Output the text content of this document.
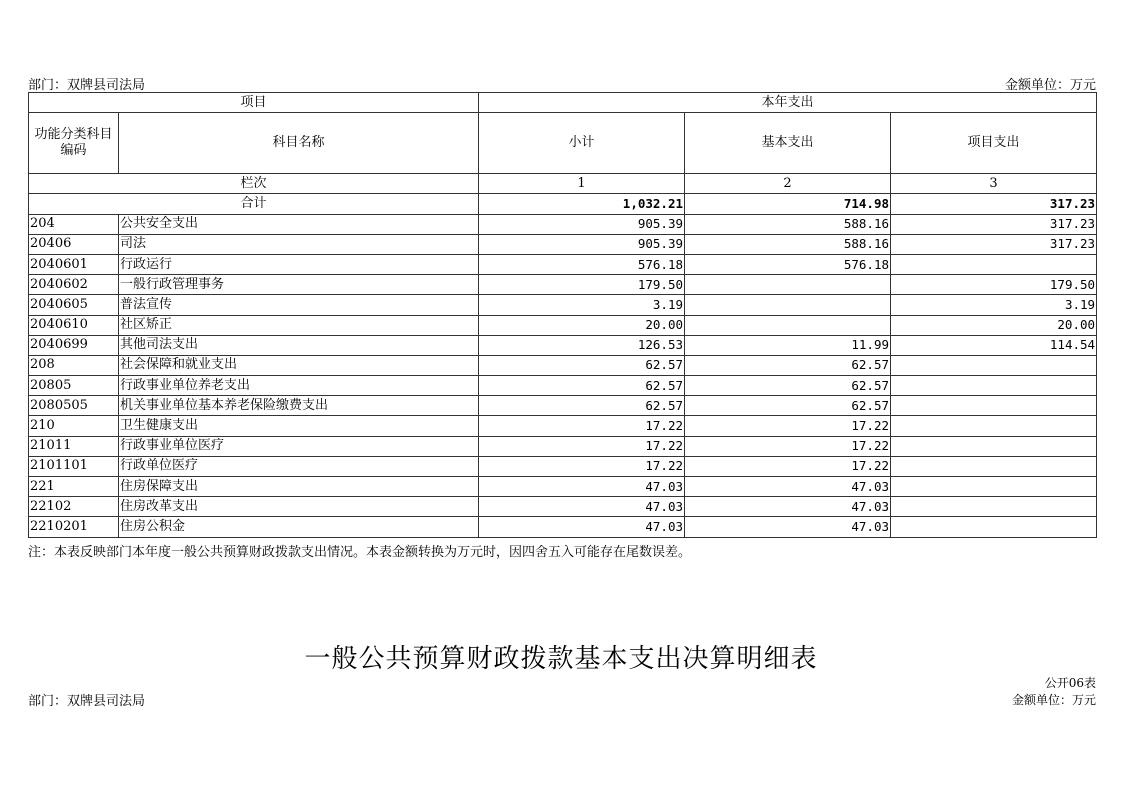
部门：双牌县司法局	金额单位：万元
项目		本年支出		
功能分类科目编码	科目名称	小计	基本支出	项目支出
栏次		1	2	3
合计		1,032.21	714.98	317.23
204	公共安全支出	905.39	588.16	317.23
20406	司法	905.39	588.16	317.23
2040601	行政运行	576.18	576.18	
2040602	一般行政管理事务	179.50		179.50
2040605	普法宣传	3.19		3.19
2040610	社区矫正	20.00		20.00
2040699	其他司法支出	126.53	11.99	114.54
208	社会保障和就业支出	62.57	62.57	
20805	行政事业单位养老支出	62.57	62.57	
2080505	机关事业单位基本养老保险缴费支出	62.57	62.57	
210	卫生健康支出	17.22	17.22	
21011	行政事业单位医疗	17.22	17.22	
2101101	行政单位医疗	17.22	17.22	
221	住房保障支出	47.03	47.03	
22102	住房改革支出	47.03	47.03	
2210201	住房公积金	47.03	47.03	
注：本表反映部门本年度一般公共预算财政拨款支出情况。本表金额转换为万元时，因四舍五入可能存在尾数误差。
一般公共预算财政拨款基本支出决算明细表
公开06表
部门：双牌县司法局	金额单位：万元
